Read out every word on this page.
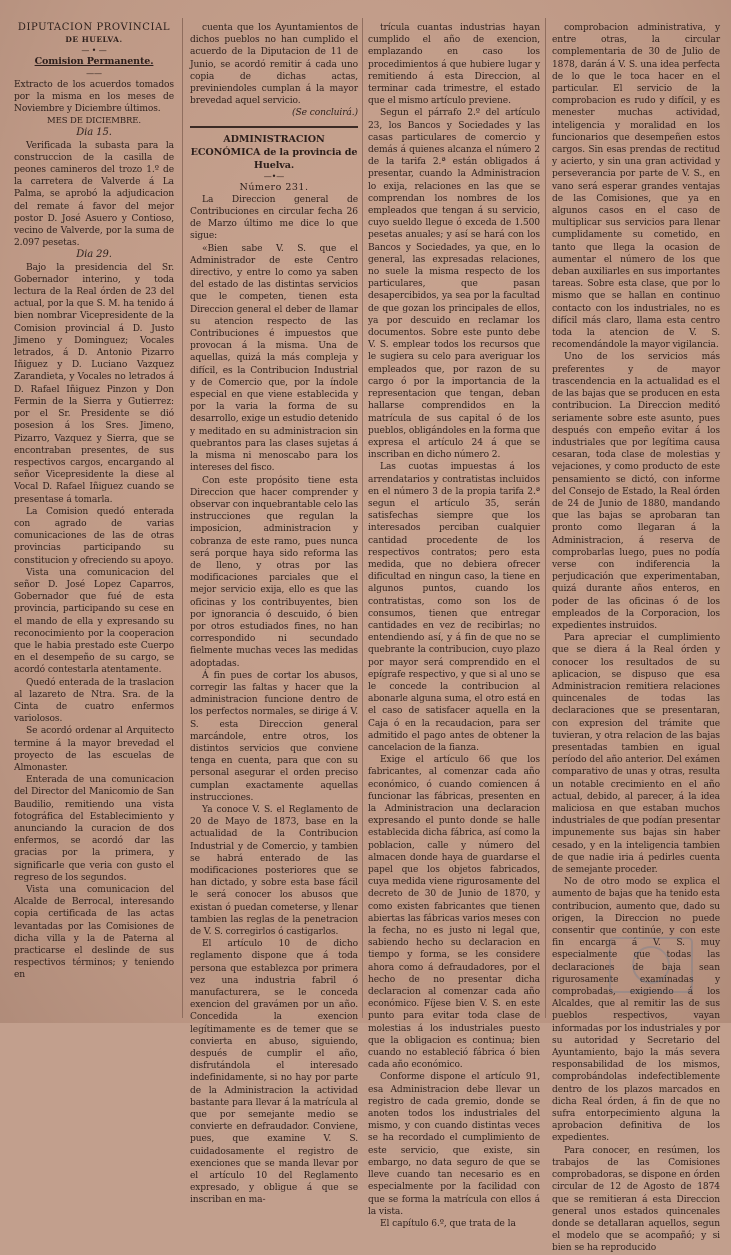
DIPUTACION PROVINCIAL

DE HUELVA.

— • —

Comision Permanente.

——

Extracto de los acuerdos tomados por la misma en los meses de Noviembre y Diciembre últimos.

MES DE DICIEMBRE.

Dia 15.

Verificada la subasta para la construccion de la casilla de peones camineros del trozo 1.º de la carretera de Valverde á La Palma, se aprobó la adjudicacion del remate á favor del mejor postor D. José Asuero y Contioso, vecino de Valverde, por la suma de 2.097 pesetas.

Dia 29.

Bajo la presidencia del Sr. Gobernador interino, y toda lectura de la Real órden de 23 del actual, por la que S. M. ha tenido á bien nombrar Vicepresidente de la Comision provincial á D. Justo Jimeno y Dominguez; Vocales letrados, á D. Antonio Pizarro Iñiguez y D. Luciano Vazquez Zarandieta, y Vocales no letrados á D. Rafael Iñiguez Pinzon y Don Fermin de la Sierra y Gutierrez: por el Sr. Presidente se dió posesion á los Sres. Jimeno, Pizarro, Vazquez y Sierra, que se encontraban presentes, de sus respectivos cargos, encargando al señor Vicepresidente la diese al Vocal D. Rafael Iñiguez cuando se presentase á tomarla.

La Comision quedó enterada con agrado de varias comunicaciones de las de otras provincias participando su constitucion y ofreciendo su apoyo.

Vista una comunicacion del señor D. José Lopez Caparros, Gobernador que fué de esta provincia, participando su cese en el mando de ella y expresando su reconocimiento por la cooperacion que le habia prestado este Cuerpo en el desempeño de su cargo, se acordó contestarla atentamente.

Quedó enterada de la traslacion al lazareto de Ntra. Sra. de la Cinta de cuatro enfermos variolosos.

Se acordó ordenar al Arquitecto termine á la mayor brevedad el proyecto de las escuelas de Almonaster.

Enterada de una comunicacion del Director del Manicomio de San Baudilio, remitiendo una vista fotográfica del Establecimiento y anunciando la curacion de dos enfermos, se acordó dar las gracias por la primera, y significarle que veria con gusto el regreso de los segundos.

Vista una comunicacion del Alcalde de Berrocal, interesando copia certificada de las actas levantadas por las Comisiones de dicha villa y la de Paterna al practicarse el deslinde de sus respectivos términos; y teniendo en

cuenta que los Ayuntamientos de dichos pueblos no han cumplido el acuerdo de la Diputacion de 11 de Junio, se acordó remitir á cada uno copia de dichas actas, previniendoles cumplan á la mayor brevedad aquel servicio.

(Se concluirá.)

ADMINISTRACION ECONÓMICA de la provincia de Huelva.

—•—

Número 231.

La Direccion general de Contribuciones en circular fecha 26 de Marzo último me dice lo que sigue:

«Bien sabe V. S. que el Administrador de este Centro directivo, y entre lo como ya saben del estado de las distintas servicios que le competen, tienen esta Direccion general el deber de llamar su atencion respecto de las Contribuciones é impuestos que provocan á la misma. Una de aquellas, quizá la más compleja y difícil, es la Contribucion Industrial y de Comercio que, por la índole especial en que viene establecida y por la varia la forma de su desarrollo, exige un estudio detenido y meditado en su administracion sin quebrantos para las clases sujetas á la misma ni menoscabo para los intereses del fisco.

Con este propósito tiene esta Direccion que hacer comprender y observar con inquebrantable celo las instrucciones que regulan la imposicion, administracion y cobranza de este ramo, pues nunca será porque haya sido reforma las de lleno, y otras por las modificaciones parciales que el mejor servicio exija, ello es que las oficinas y los contribuyentes, bien por ignorancia ó descuido, ó bien por otros estudiados fines, no han correspondido ni secundado fielmente muchas veces las medidas adoptadas.

Á fin pues de cortar los abusos, corregir las faltas y hacer que la administracion funcione dentro de los perfectos normales, se dirige á V. S. esta Direccion general marcándole, entre otros, los distintos servicios que conviene tenga en cuenta, para que con su personal asegurar el orden preciso cumplan exactamente aquellas instrucciones.

Ya conoce V. S. el Reglamento de 20 de Mayo de 1873, base en la actualidad de la Contribucion Industrial y de Comercio, y tambien se habrá enterado de las modificaciones posteriores que se han dictado, y sobre esta base fácil le será conocer los abusos que existan ó puedan cometerse, y llenar tambien las reglas de la penetracion de V. S. corregirlos ó castigarlos.

El artículo 10 de dicho reglamento dispone que á toda persona que establezca por primera vez una industria fabril ó manufacturera, se le conceda exencion del gravámen por un año. Concedida la exencion legítimamente es de temer que se convierta en abuso, siguiendo, después de cumplir el año, disfrutándola el interesado indefinidamente, si no hay por parte de la Administracion la actividad bastante para llevar á la matrícula al que por semejante medio se convierte en defraudador. Conviene, pues, que examine V. S. cuidadosamente el registro de exenciones que se manda llevar por el artículo 10 del Reglamento expresado, y obligue á que se inscriban en ma-

trícula cuantas industrias hayan cumplido el año de exencion, emplazando en caso los procedimientos á que hubiere lugar y remitiendo á esta Direccion, al terminar cada trimestre, el estado que el mismo artículo previene.

Segun el párrafo 2.º del artículo 23, los Bancos y Sociedades y las casas particulares de comercio y demás á quienes alcanza el número 2 de la tarifa 2.ª están obligados á presentar, cuando la Administracion lo exija, relaciones en las que se comprendan los nombres de los empleados que tengan á su servicio, cuyo sueldo llegue ó exceda de 1.500 pesetas anuales; y así se hará con los Bancos y Sociedades, ya que, en lo general, las expresadas relaciones, no suele la misma respecto de los particulares, que pasan desapercibidos, ya sea por la facultad de que gozan los principales de ellos, ya por descuido en reclamar los documentos. Sobre este punto debe V. S. emplear todos los recursos que le sugiera su celo para averiguar los empleados que, por razon de su cargo ó por la importancia de la representacion que tengan, deban hallarse comprendidos en la matrícula de sus capital ó de los pueblos, obligándoles en la forma que expresa el artículo 24 á que se inscriban en dicho número 2.

Las cuotas impuestas á los arrendatarios y contratistas incluidos en el número 3 de la propia tarifa 2.ª segun el artículo 35, serán satisfechas siempre que los interesados perciban cualquier cantidad procedente de los respectivos contratos; pero esta medida, que no debiera ofrecer dificultad en ningun caso, la tiene en algunos puntos, cuando los contratistas, como son los de consumos, tienen que entregar cantidades en vez de recibirlas; no entendiendo así, y á fin de que no se quebrante la contribucion, cuyo plazo por mayor será comprendido en el epígrafe respectivo, y que si al uno se le concede la contribucion al abonarle alguna suma, el otro está en el caso de satisfacer aquella en la Caja ó en la recaudacion, para ser admitido el pago antes de obtener la cancelacion de la fianza.

Exige el artículo 66 que los fabricantes, al comenzar cada año económico, ó cuando comiencen á funcionar las fábricas, presenten en la Administracion una declaracion expresando el punto donde se halle establecida dicha fábrica, así como la poblacion, calle y número del almacen donde haya de guardarse el papel que los objetos fabricados, cuya medida viene rigurosamente del decreto de 30 de Junio de 1870, y como existen fabricantes que tienen abiertas las fábricas varios meses con la fecha, no es justo ni legal que, sabiendo hecho su declaracion en tiempo y forma, se les considere ahora como á defraudadores, por el hecho de no presentar dicha declaracion al comenzar cada año económico. Fíjese bien V. S. en este punto para evitar toda clase de molestias á los industriales puesto que la obligacion es continua; bien cuando no estableció fábrica ó bien cada año económico.

Conforme dispone el artículo 91, esa Administracion debe llevar un registro de cada gremio, donde se anoten todos los industriales del mismo, y con cuando distintas veces se ha recordado el cumplimiento de este servicio, que existe, sin embargo, no data seguro de que se lleve cuando tan necesario es en especialmente por la facilidad con que se forma la matrícula con ellos á la vista.

El capítulo 6.º, que trata de la

comprobacion administrativa, y entre otras, la circular complementaria de 30 de Julio de 1878, darán á V. S. una idea perfecta de lo que le toca hacer en el particular. El servicio de la comprobacion es rudo y difícil, y es menester muchas actividad, inteligencia y moralidad en los funcionarios que desempeñen estos cargos. Sin esas prendas de rectitud y acierto, y sin una gran actividad y perseverancia por parte de V. S., en vano será esperar grandes ventajas de las Comisiones, que ya en algunos casos en el caso de multiplicar sus servicios para llenar cumplidamente su cometido, en tanto que llega la ocasion de aumentar el número de los que deban auxiliarles en sus importantes tareas. Sobre esta clase, que por lo mismo que se hallan en continuo contacto con los industriales, no es difícil más claro, llama esta centro toda la atencion de V. S. recomendándole la mayor vigilancia.

Uno de los servicios más preferentes y de mayor trascendencia en la actualidad es el de las bajas que se producen en esta contribucion. La Direccion meditó seriamente sobre este asunto, pues después con empeño evitar á los industriales que por legítima causa cesaran, toda clase de molestias y vejaciones, y como producto de este pensamiento se dictó, con informe del Consejo de Estado, la Real órden de 24 de Junio de 1880, mandando que las bajas se aprobaran tan pronto como llegaran á la Administracion, á reserva de comprobarlas luego, pues no podía verse con indiferencia la perjudicación que experimentaban, quizá durante años enteros, en poder de las oficinas ó de los empleados de la Corporacion, los expedientes instruidos.

Para apreciar el cumplimiento que se diera á la Real órden y conocer los resultados de su aplicacion, se dispuso que esa Administracion remitiera relaciones quincenales de todas las declaraciones que se presentaran, con expresion del trámite que tuvieran, y otra relacion de las bajas presentadas tambien en igual período del año anterior. Del exámen comparativo de unas y otras, resulta un notable crecimiento en el año actual, debido, al parecer, á la idea maliciosa en que estaban muchos industriales de que podían presentar impunemente sus bajas sin haber cesado, y en la inteligencia tambien de que nadie iria á pedirles cuenta de semejante proceder.

No de otro modo se explica el aumento de bajas que ha tenido esta contribucion, aumento que, dado su origen, la Direccion no puede consentir que continúe, y con este fin encarga á V. S. muy especialmente que todas las declaraciones de baja sean rigurosamente examinadas y comprobadas, exigiendo á los Alcaldes, que al remitir las de sus pueblos respectivos, vayan informadas por los industriales y por su autoridad y Secretario del Ayuntamiento, bajo la más severa responsabilidad de los mismos, comprobándolas indefectiblemente dentro de los plazos marcados en dicha Real órden, á fin de que no sufra entorpecimiento alguna la aprobacion definitiva de los expedientes.

Para conocer, en resúmen, los trabajos de las Comisiones comprobadoras, se dispone en órden circular de 12 de Agosto de 1874 que se remitieran á esta Direccion general unos estados quincenales donde se detallaran aquellos, segun el modelo que se acompañó; y si bien se ha reproducido
